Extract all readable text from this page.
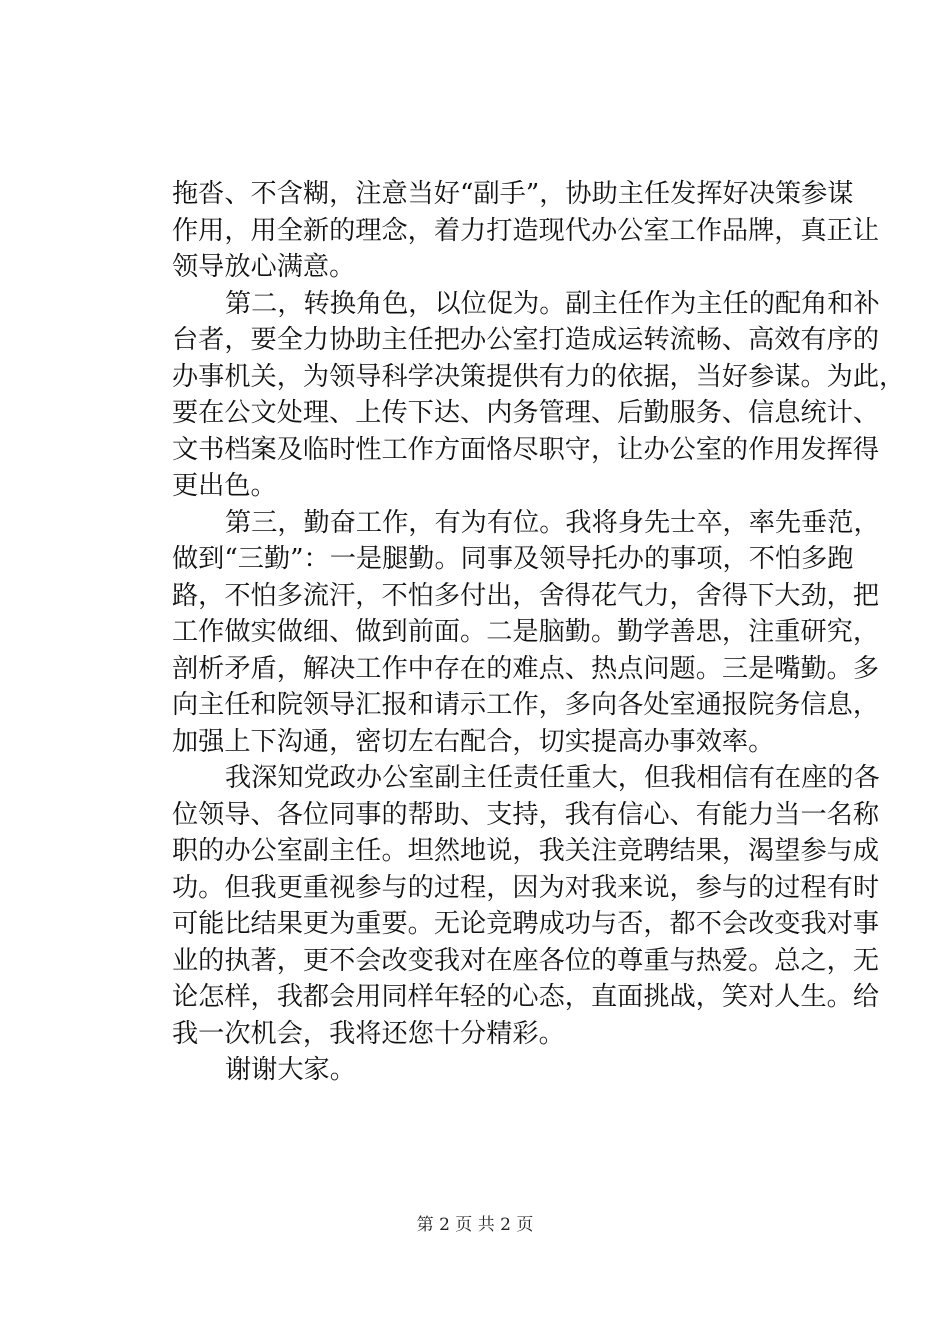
拖沓、不含糊，注意当好“副手”，协助主任发挥好决策参谋
作用，用全新的理念，着力打造现代办公室工作品牌，真正让
领导放心满意。
第二，转换角色，以位促为。副主任作为主任的配角和补
台者，要全力协助主任把办公室打造成运转流畅、高效有序的
办事机关，为领导科学决策提供有力的依据，当好参谋。为此，
要在公文处理、上传下达、内务管理、后勤服务、信息统计、
文书档案及临时性工作方面恪尽职守，让办公室的作用发挥得
更出色。
第三，勤奋工作，有为有位。我将身先士卒，率先垂范，
做到“三勤”：一是腿勤。同事及领导托办的事项，不怕多跑
路，不怕多流汗，不怕多付出，舍得花气力，舍得下大劲，把
工作做实做细、做到前面。二是脑勤。勤学善思，注重研究，
剖析矛盾，解决工作中存在的难点、热点问题。三是嘴勤。多
向主任和院领导汇报和请示工作，多向各处室通报院务信息，
加强上下沟通，密切左右配合，切实提高办事效率。
我深知党政办公室副主任责任重大，但我相信有在座的各
位领导、各位同事的帮助、支持，我有信心、有能力当一名称
职的办公室副主任。坦然地说，我关注竞聘结果，渴望参与成
功。但我更重视参与的过程，因为对我来说，参与的过程有时
可能比结果更为重要。无论竞聘成功与否，都不会改变我对事
业的执著，更不会改变我对在座各位的尊重与热爱。总之，无
论怎样，我都会用同样年轻的心态，直面挑战，笑对人生。给
我一次机会，我将还您十分精彩。
谢谢大家。
第 2 页 共 2 页
